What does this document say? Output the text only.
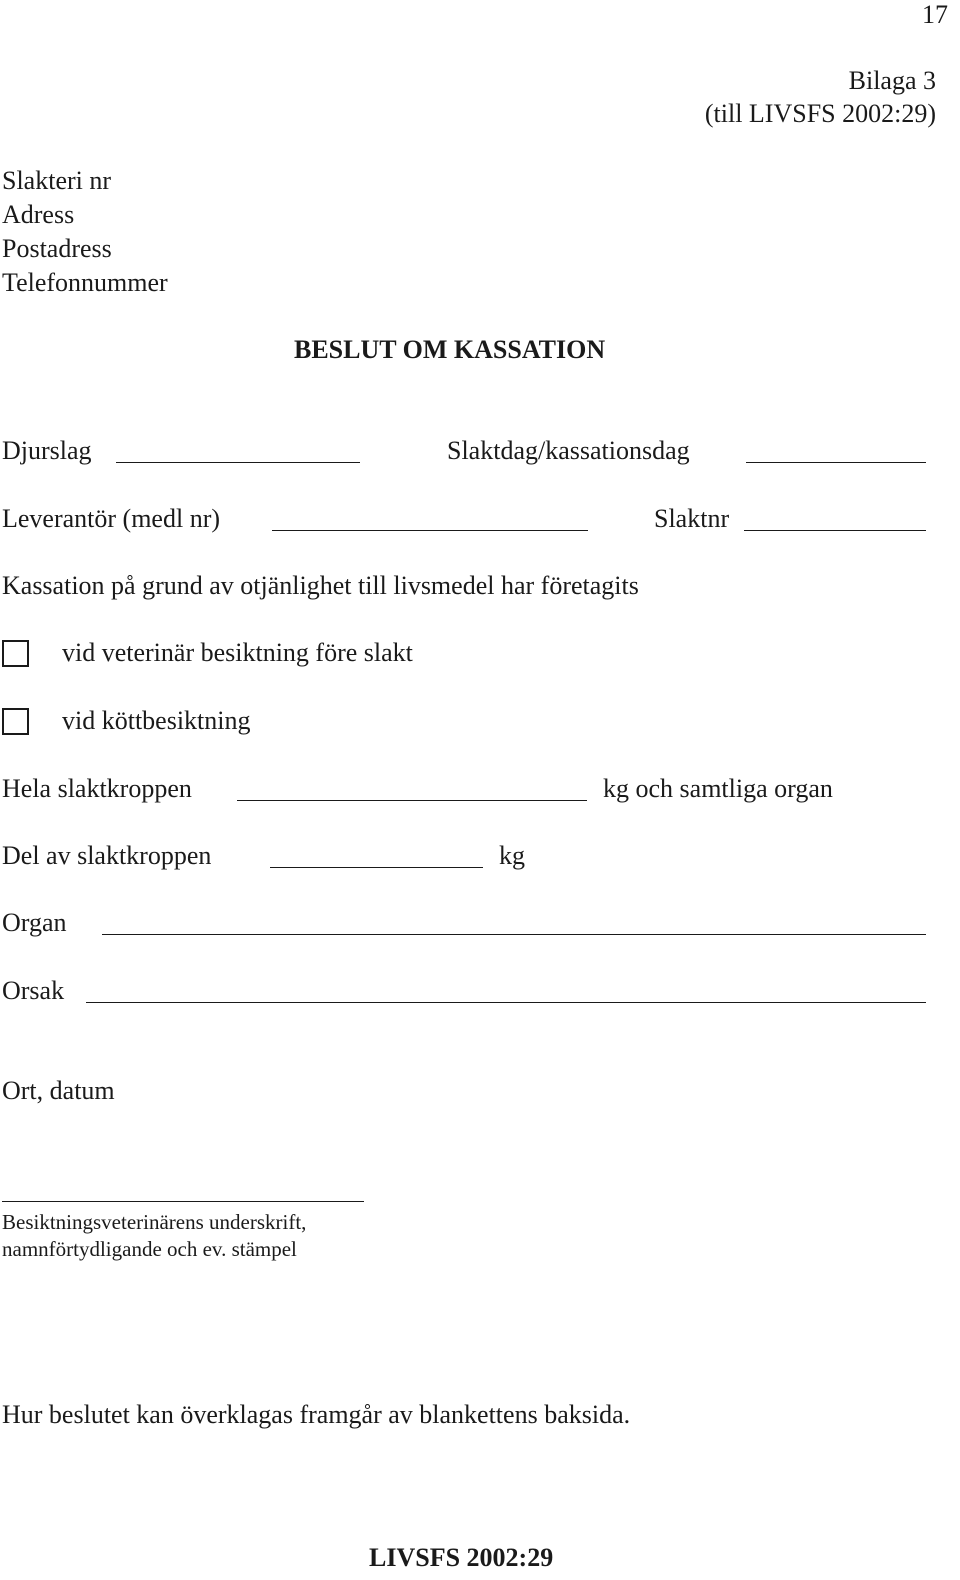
17
Bilaga 3
(till LIVSFS 2002:29)
Slakteri nr
Adress
Postadress
Telefonnummer
BESLUT OM KASSATION
Djurslag	Slaktdag/kassationsdag
Leverantör (medl nr)	Slaktnr
Kassation på grund av otjänlighet till livsmedel har företagits
vid veterinär besiktning före slakt
vid köttbesiktning
Hela slaktkroppen	kg och samtliga organ
Del av slaktkroppen	kg
Organ
Orsak
Ort, datum
Besiktningsveterinärens underskrift,
namnförtydligande och ev. stämpel
Hur beslutet kan överklagas framgår av blankettens baksida.
LIVSFS 2002:29
